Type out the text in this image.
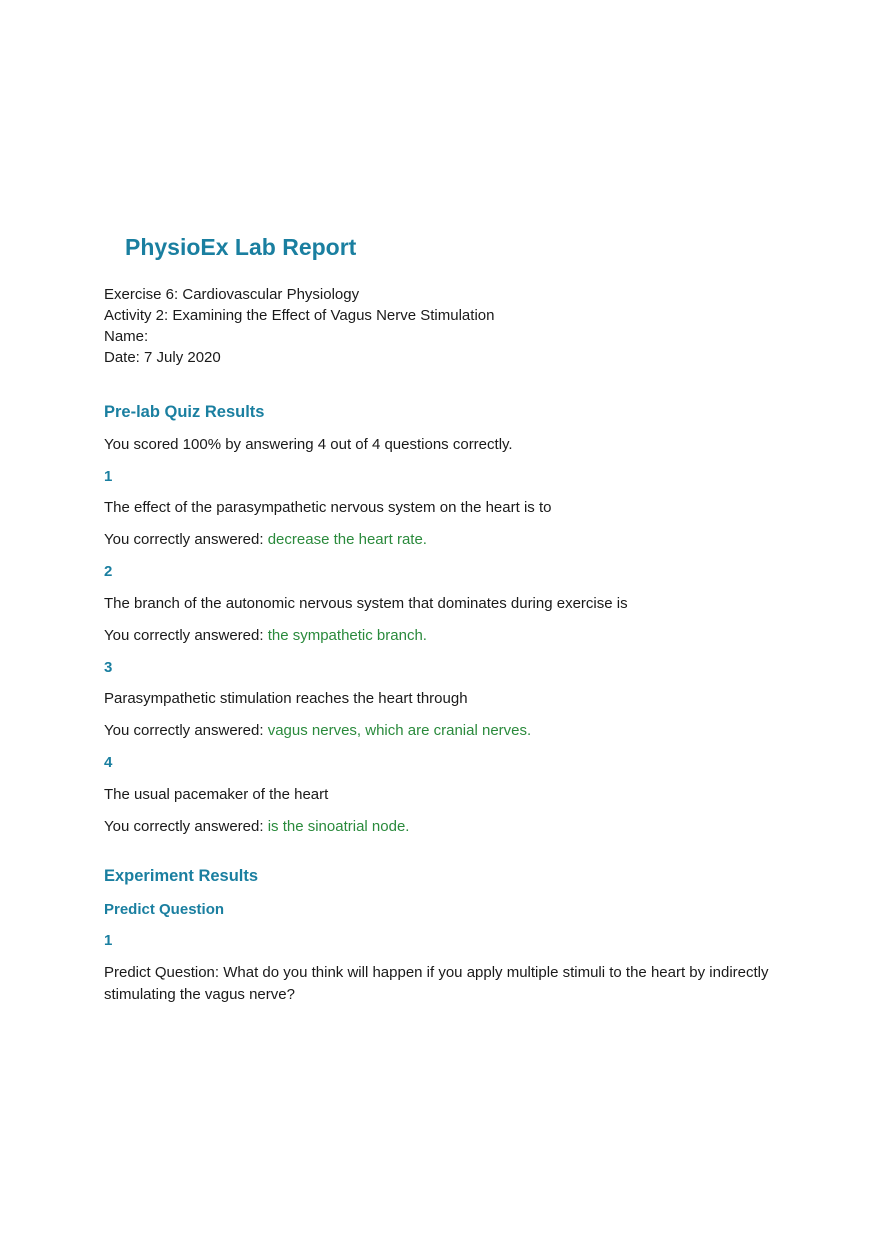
PhysioEx Lab Report
Exercise 6: Cardiovascular Physiology
Activity 2: Examining the Effect of Vagus Nerve Stimulation
Name:
Date: 7 July 2020
Pre-lab Quiz Results

You scored 100% by answering 4 out of 4 questions correctly.

1

The effect of the parasympathetic nervous system on the heart is to

You correctly answered: decrease the heart rate.

2

The branch of the autonomic nervous system that dominates during exercise is

You correctly answered: the sympathetic branch.

3

Parasympathetic stimulation reaches the heart through

You correctly answered: vagus nerves, which are cranial nerves.

4

The usual pacemaker of the heart

You correctly answered: is the sinoatrial node.

Experiment Results
Predict Question

1

Predict Question: What do you think will happen if you apply multiple stimuli to the heart by indirectly stimulating the vagus nerve?
